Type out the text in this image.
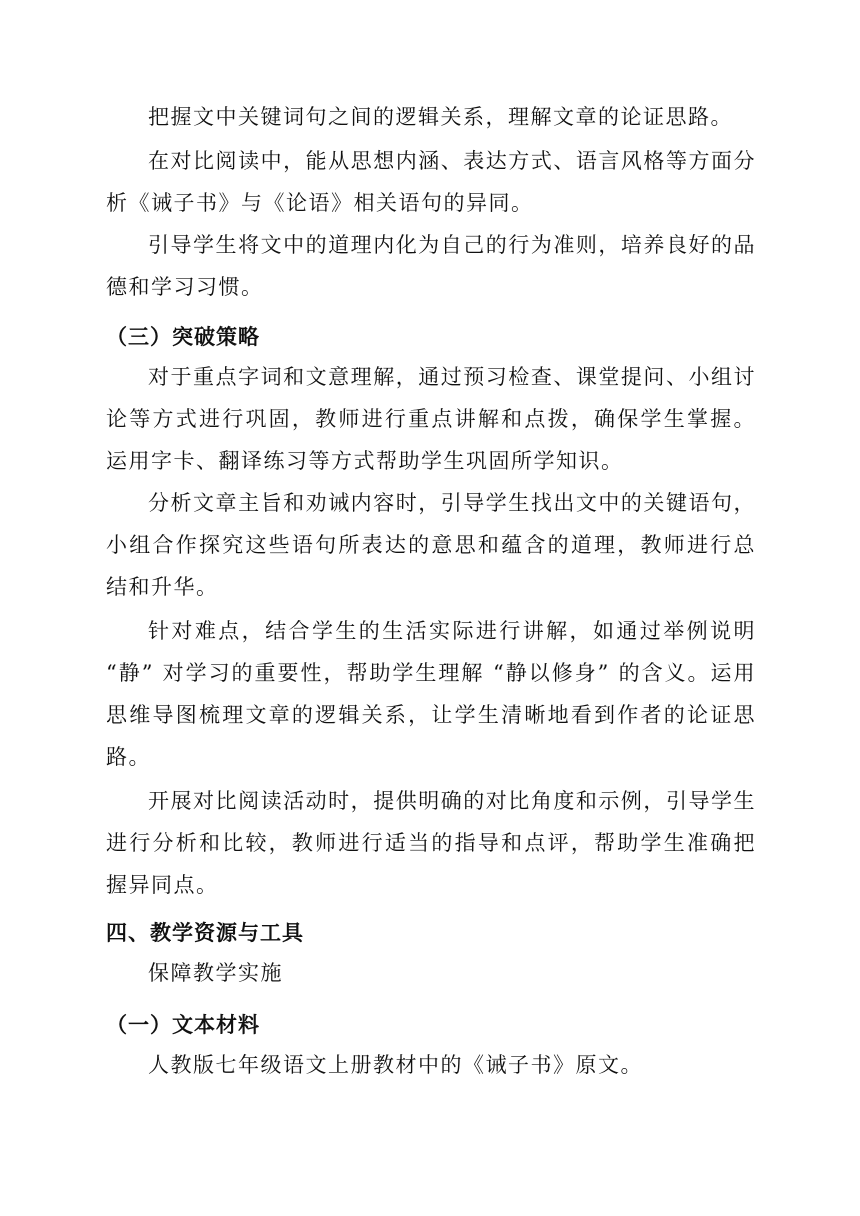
把握文中关键词句之间的逻辑关系，理解文章的论证思路。

在对比阅读中，能从思想内涵、表达方式、语言风格等方面分析《诫子书》与《论语》相关语句的异同。

引导学生将文中的道理内化为自己的行为准则，培养良好的品德和学习习惯。

（三）突破策略

对于重点字词和文意理解，通过预习检查、课堂提问、小组讨论等方式进行巩固，教师进行重点讲解和点拨，确保学生掌握。运用字卡、翻译练习等方式帮助学生巩固所学知识。

分析文章主旨和劝诫内容时，引导学生找出文中的关键语句，小组合作探究这些语句所表达的意思和蕴含的道理，教师进行总结和升华。

针对难点，结合学生的生活实际进行讲解，如通过举例说明 “静” 对学习的重要性，帮助学生理解 “静以修身” 的含义。运用思维导图梳理文章的逻辑关系，让学生清晰地看到作者的论证思路。

开展对比阅读活动时，提供明确的对比角度和示例，引导学生进行分析和比较，教师进行适当的指导和点评，帮助学生准确把握异同点。

四、教学资源与工具

保障教学实施

（一）文本材料

人教版七年级语文上册教材中的《诫子书》原文。
